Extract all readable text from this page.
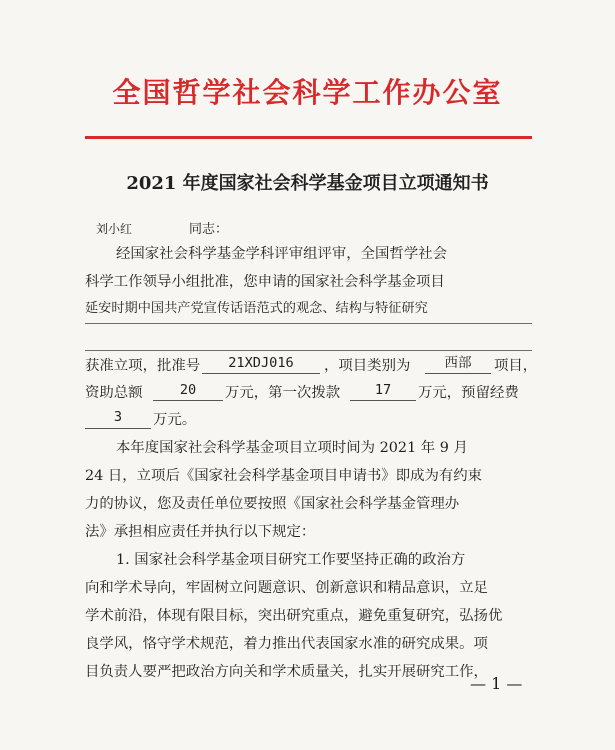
全国哲学社会科学工作办公室
2021 年度国家社会科学基金项目立项通知书
刘小红	同志：
经国家社会科学基金学科评审组评审，全国哲学社会
科学工作领导小组批准，您申请的国家社会科学基金项目
延安时期中国共产党宣传话语范式的观念、结构与特征研究
获准立项，批准号	21XDJ016	，项目类别为	西部	项目，
资助总额	20	万元，第一次拨款	17	万元，预留经费
3	万元。
本年度国家社会科学基金项目立项时间为 2021 年 9 月
24 日，立项后《国家社会科学基金项目申请书》即成为有约束
力的协议，您及责任单位要按照《国家社会科学基金管理办
法》承担相应责任并执行以下规定：
1. 国家社会科学基金项目研究工作要坚持正确的政治方
向和学术导向，牢固树立问题意识、创新意识和精品意识，立足
学术前沿，体现有限目标，突出研究重点，避免重复研究，弘扬优
良学风，恪守学术规范，着力推出代表国家水准的研究成果。项
目负责人要严把政治方向关和学术质量关，扎实开展研究工作，
— 1 —
